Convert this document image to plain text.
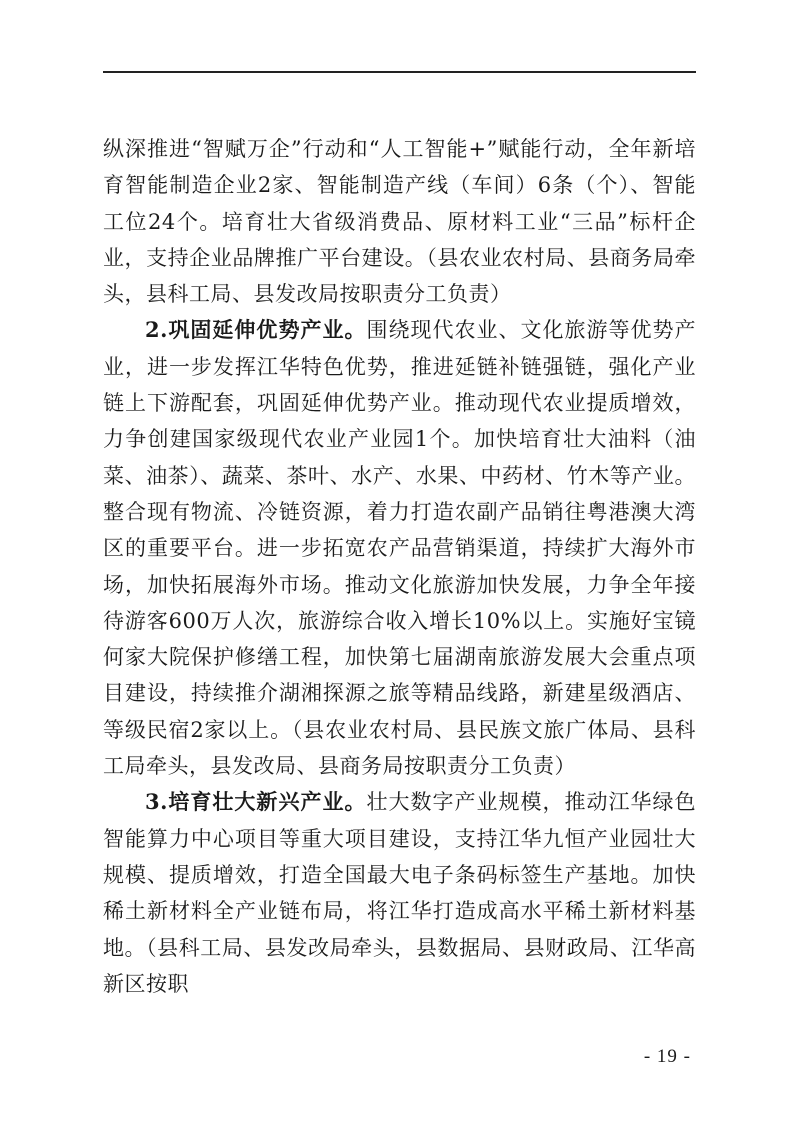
纵深推进“智赋万企”行动和“人工智能+”赋能行动，全年新培育智能制造企业2家、智能制造产线（车间）6条（个）、智能工位24个。培育壮大省级消费品、原材料工业“三品”标杆企业，支持企业品牌推广平台建设。（县农业农村局、县商务局牵头，县科工局、县发改局按职责分工负责）

2.巩固延伸优势产业。围绕现代农业、文化旅游等优势产业，进一步发挥江华特色优势，推进延链补链强链，强化产业链上下游配套，巩固延伸优势产业。推动现代农业提质增效，力争创建国家级现代农业产业园1个。加快培育壮大油料（油菜、油茶）、蔬菜、茶叶、水产、水果、中药材、竹木等产业。整合现有物流、冷链资源，着力打造农副产品销往粤港澳大湾区的重要平台。进一步拓宽农产品营销渠道，持续扩大海外市场，加快拓展海外市场。推动文化旅游加快发展，力争全年接待游客600万人次，旅游综合收入增长10%以上。实施好宝镜何家大院保护修缮工程，加快第七届湖南旅游发展大会重点项目建设，持续推介湖湘探源之旅等精品线路，新建星级酒店、等级民宿2家以上。（县农业农村局、县民族文旅广体局、县科工局牵头，县发改局、县商务局按职责分工负责）

3.培育壮大新兴产业。壮大数字产业规模，推动江华绿色智能算力中心项目等重大项目建设，支持江华九恒产业园壮大规模、提质增效，打造全国最大电子条码标签生产基地。加快稀土新材料全产业链布局，将江华打造成高水平稀土新材料基地。（县科工局、县发改局牵头，县数据局、县财政局、江华高新区按职

- 19 -
